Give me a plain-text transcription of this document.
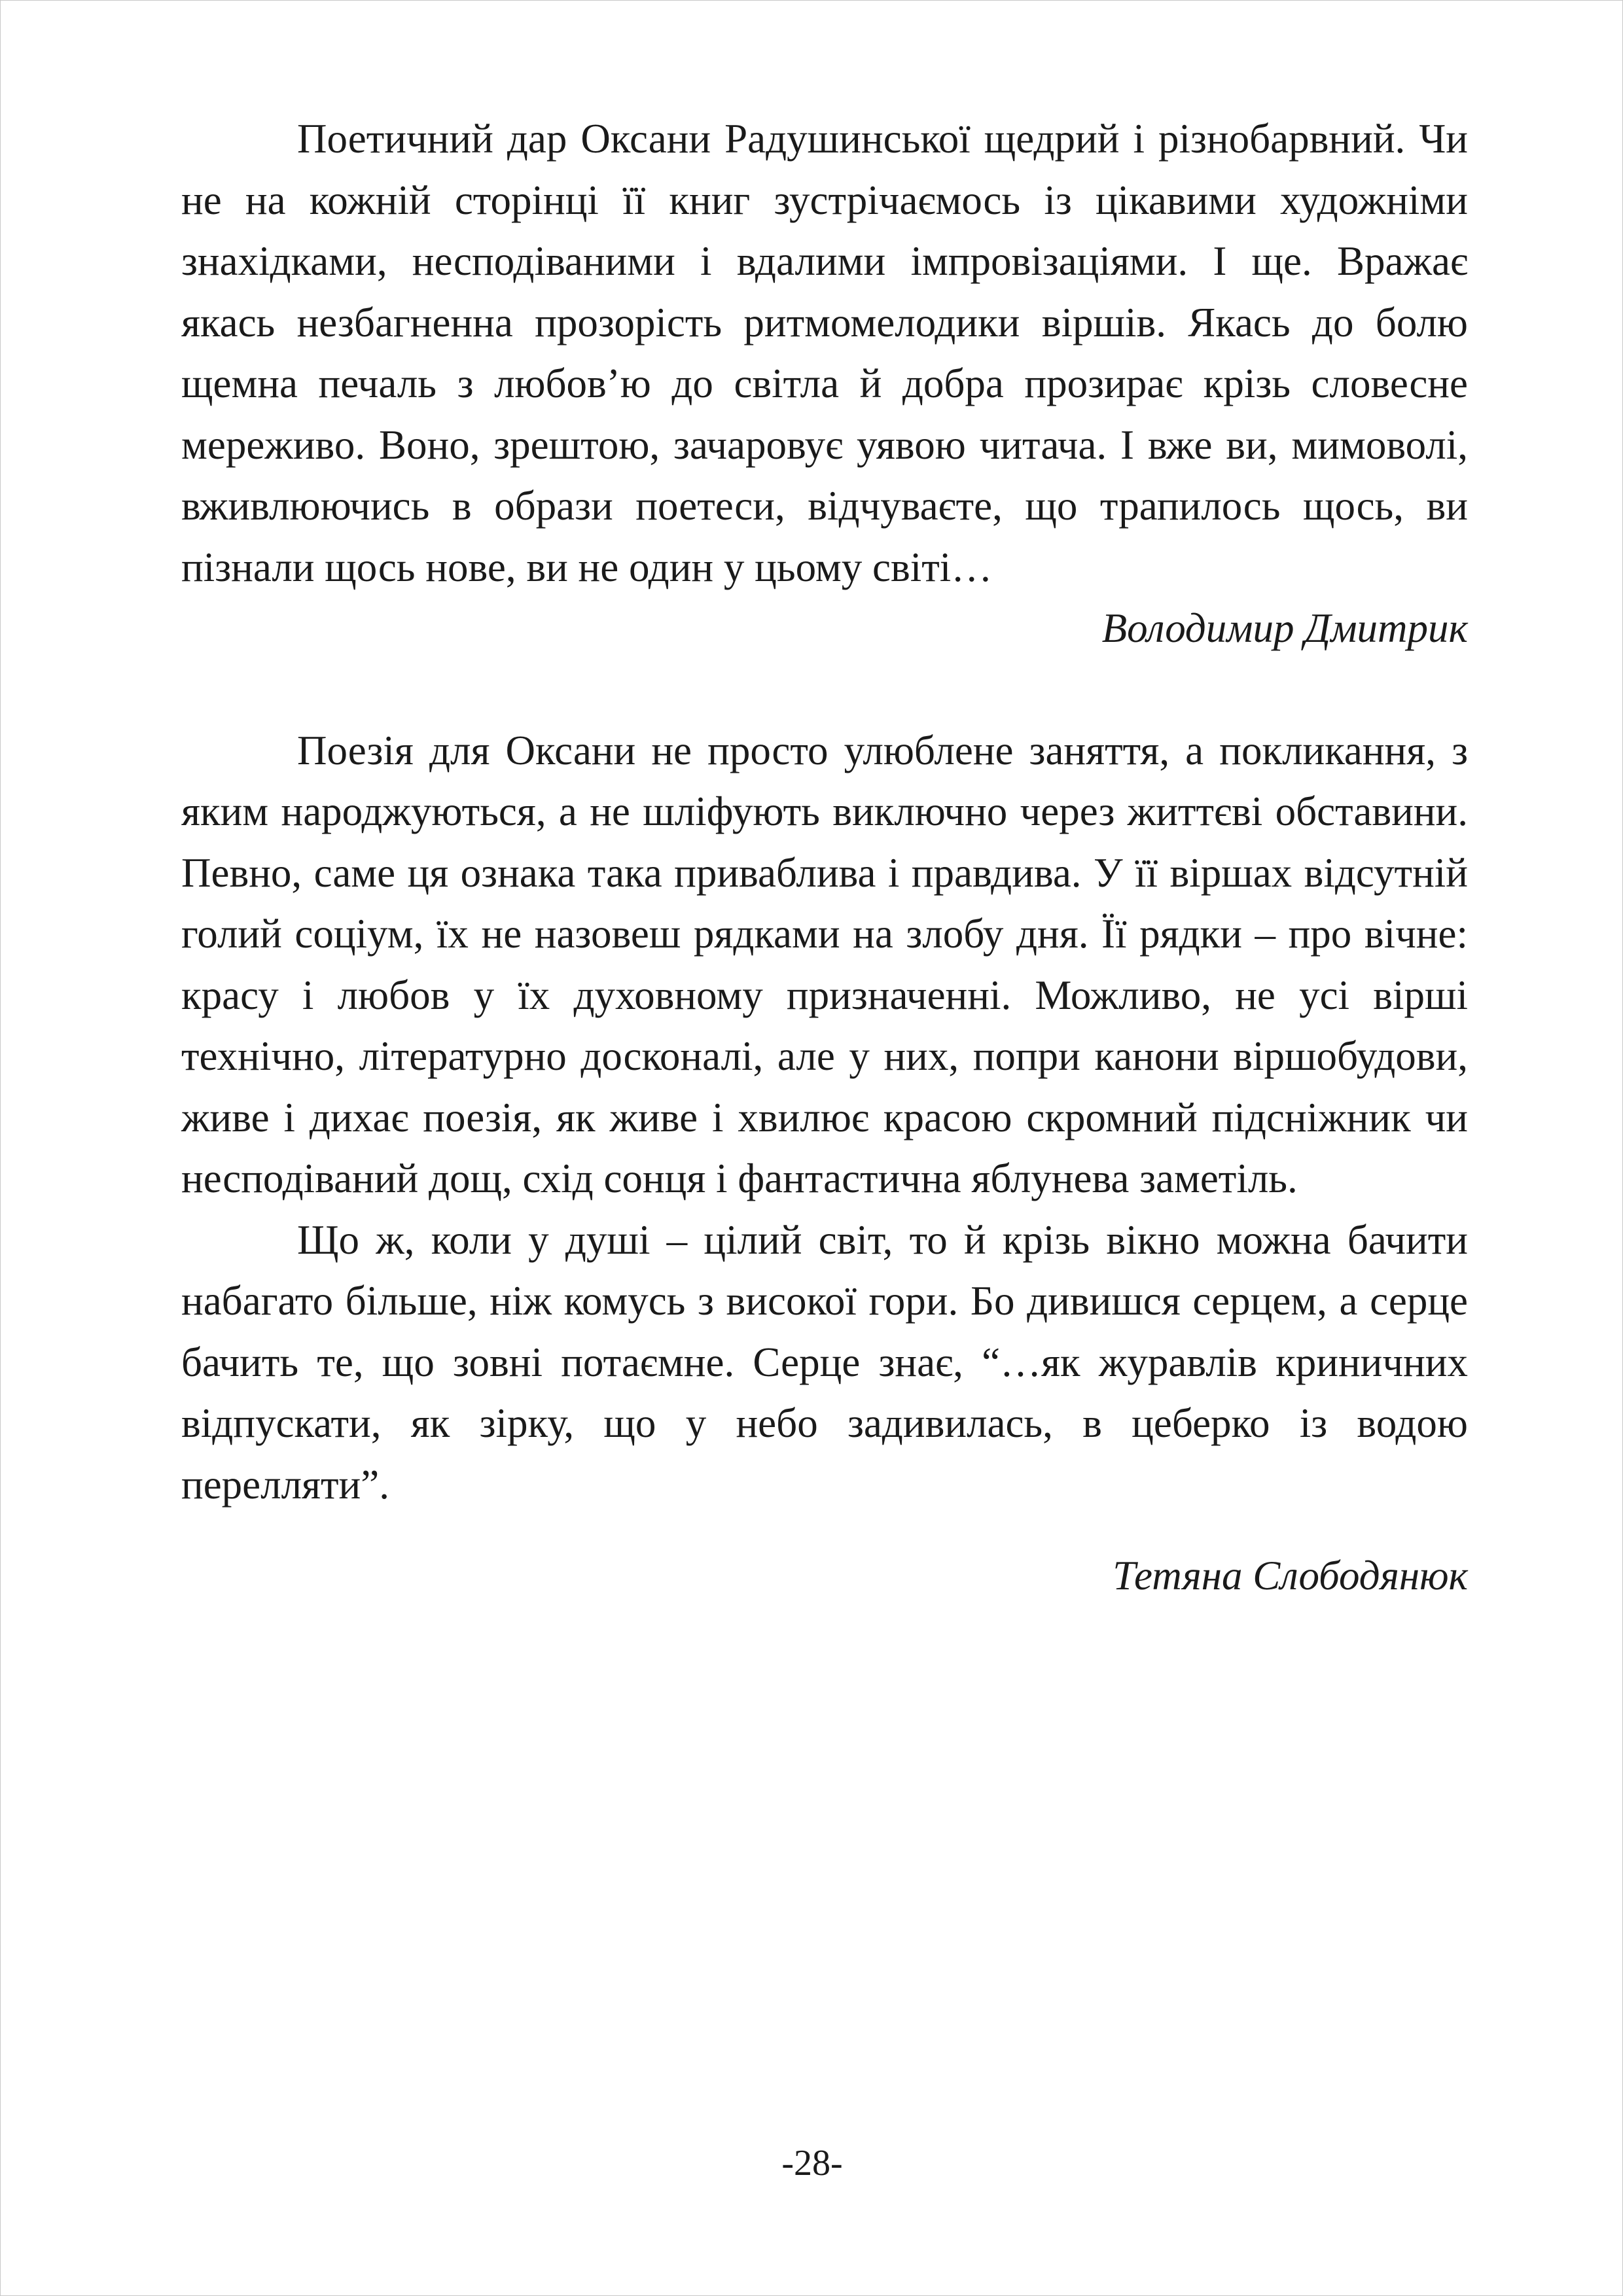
Поетичний дар Оксани Радушинської щедрий і різнобарвний. Чи не на кожній сторінці її книг зустрічаємось із цікавими художніми знахідками, несподіваними і вдалими імпровізаціями. І ще. Вражає якась незбагненна прозорість ритмомелодики віршів. Якась до болю щемна печаль з любов’ю до світла й добра прозирає крізь словесне мереживо. Воно, зрештою, зачаровує уявою читача. І вже ви, мимоволі, вживлюючись в образи поетеси, відчуваєте, що трапилось щось, ви пізнали щось нове, ви не один у цьому світі…

Володимир Дмитрик

Поезія для Оксани не просто улюблене заняття, а покликання, з яким народжуються, а не шліфують виключно через життєві обставини. Певно, саме ця ознака така приваблива і правдива. У її віршах відсутній голий соціум, їх не назовеш рядками на злобу дня. Її рядки – про вічне: красу і любов у їх духовному призначенні. Можливо, не усі вірші технічно, літературно досконалі, але у них, попри канони віршобудови, живе і дихає поезія, як живе і хвилює красою скромний підсніжник чи несподіваний дощ, схід сонця і фантастична яблунева заметіль.

Що ж, коли у душі – цілий світ, то й крізь вікно можна бачити набагато більше, ніж комусь з високої гори. Бо дивишся серцем, а серце бачить те, що зовні потаємне. Серце знає, “…як журавлів криничних відпускати, як зірку, що у небо задивилась, в цеберко із водою перелляти”.

Тетяна Слободянюк

-28-
